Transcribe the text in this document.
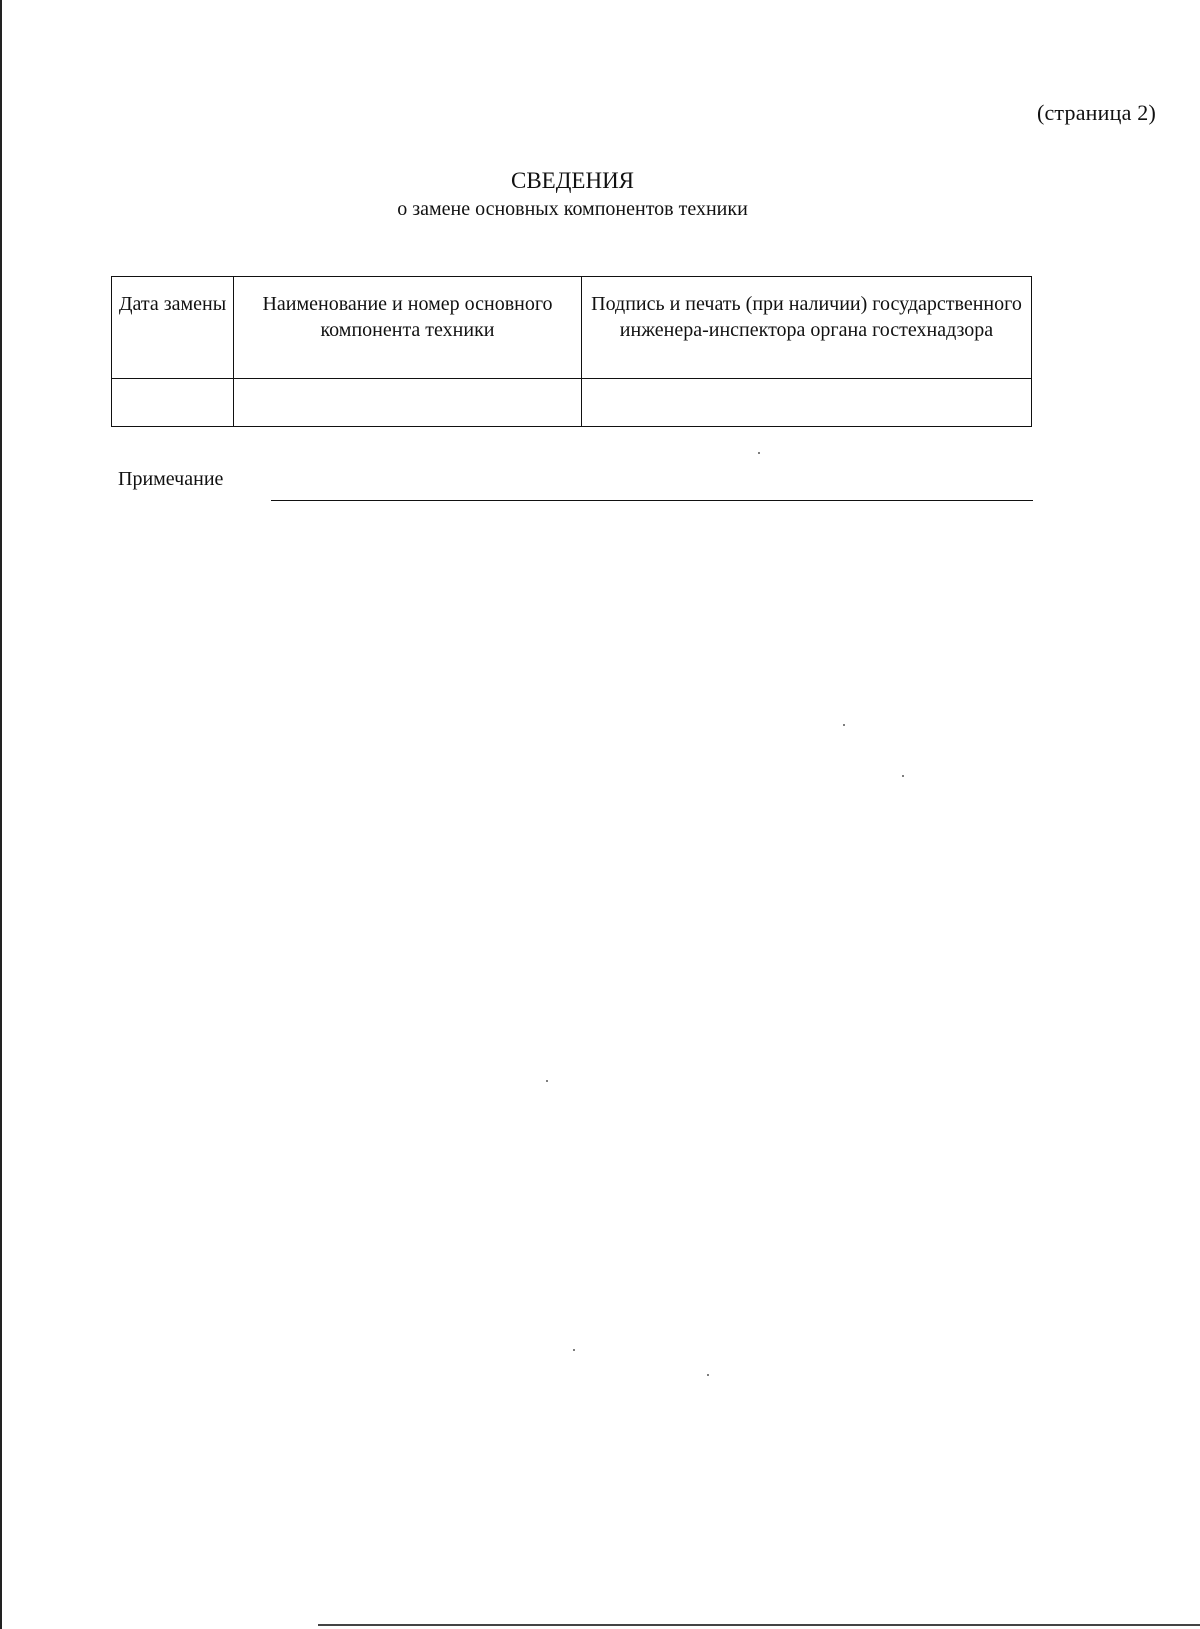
(страница 2)
СВЕДЕНИЯ
о замене основных компонентов техники
Дата замены	Наименование и номер основного компонента техники	Подпись и печать (при наличии) государственного инженера-инспектора органа гостехнадзора

Примечание
